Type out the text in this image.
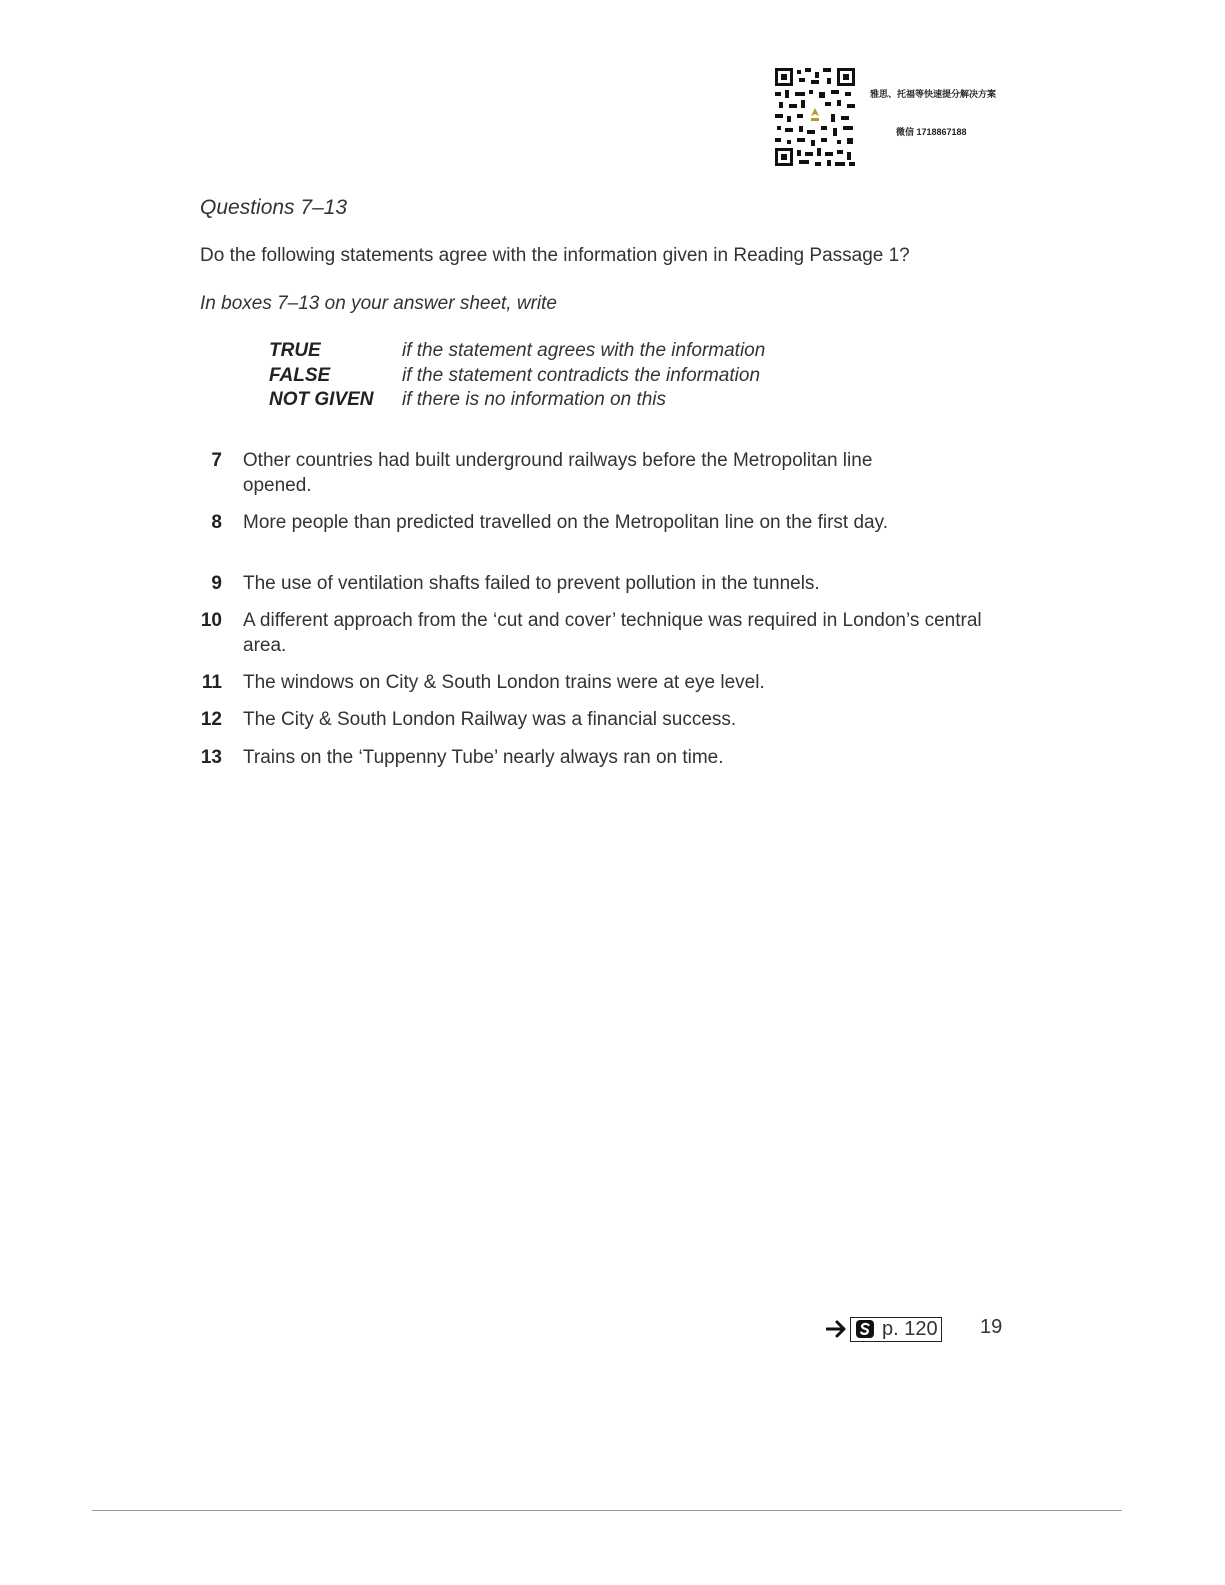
雅思、托福等快速提分解决方案
微信 1718867188
Questions 7–13
Do the following statements agree with the information given in Reading Passage 1?
In boxes 7–13 on your answer sheet, write
TRUE	if the statement agrees with the information
FALSE	if the statement contradicts the information
NOT GIVEN	if there is no information on this
7 Other countries had built underground railways before the Metropolitan line opened.
8 More people than predicted travelled on the Metropolitan line on the first day.
9 The use of ventilation shafts failed to prevent pollution in the tunnels.
10 A different approach from the ‘cut and cover’ technique was required in London’s central area.
11 The windows on City & South London trains were at eye level.
12 The City & South London Railway was a financial success.
13 Trains on the ‘Tuppenny Tube’ nearly always ran on time.
p. 120 19
